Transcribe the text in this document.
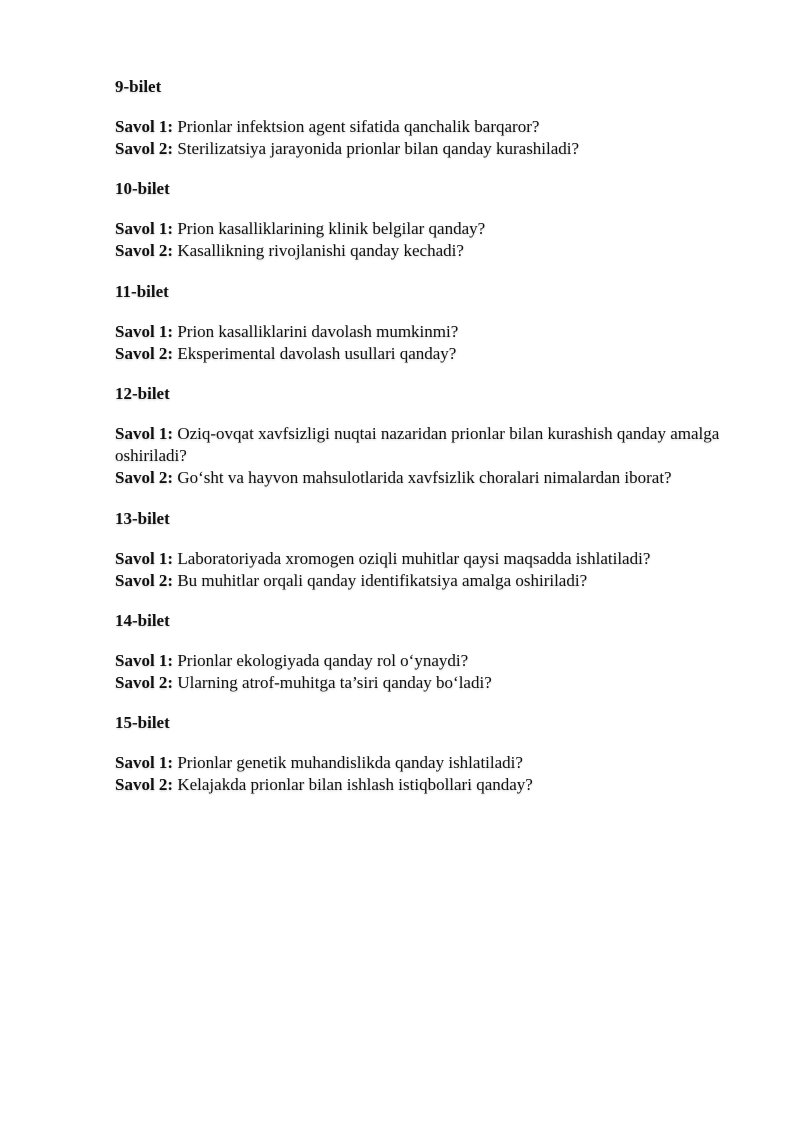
9-bilet

Savol 1: Prionlar infektsion agent sifatida qanchalik barqaror?

Savol 2: Sterilizatsiya jarayonida prionlar bilan qanday kurashiladi?

10-bilet

Savol 1: Prion kasalliklarining klinik belgilar qanday?

Savol 2: Kasallikning rivojlanishi qanday kechadi?

11-bilet

Savol 1: Prion kasalliklarini davolash mumkinmi?

Savol 2: Eksperimental davolash usullari qanday?

12-bilet

Savol 1: Oziq-ovqat xavfsizligi nuqtai nazaridan prionlar bilan kurashish qanday amalga oshiriladi?

Savol 2: Go‘sht va hayvon mahsulotlarida xavfsizlik choralari nimalardan iborat?

13-bilet

Savol 1: Laboratoriyada xromogen oziqli muhitlar qaysi maqsadda ishlatiladi?

Savol 2: Bu muhitlar orqali qanday identifikatsiya amalga oshiriladi?

14-bilet

Savol 1: Prionlar ekologiyada qanday rol o‘ynaydi?

Savol 2: Ularning atrof-muhitga ta’siri qanday bo‘ladi?

15-bilet

Savol 1: Prionlar genetik muhandislikda qanday ishlatiladi?

Savol 2: Kelajakda prionlar bilan ishlash istiqbollari qanday?
